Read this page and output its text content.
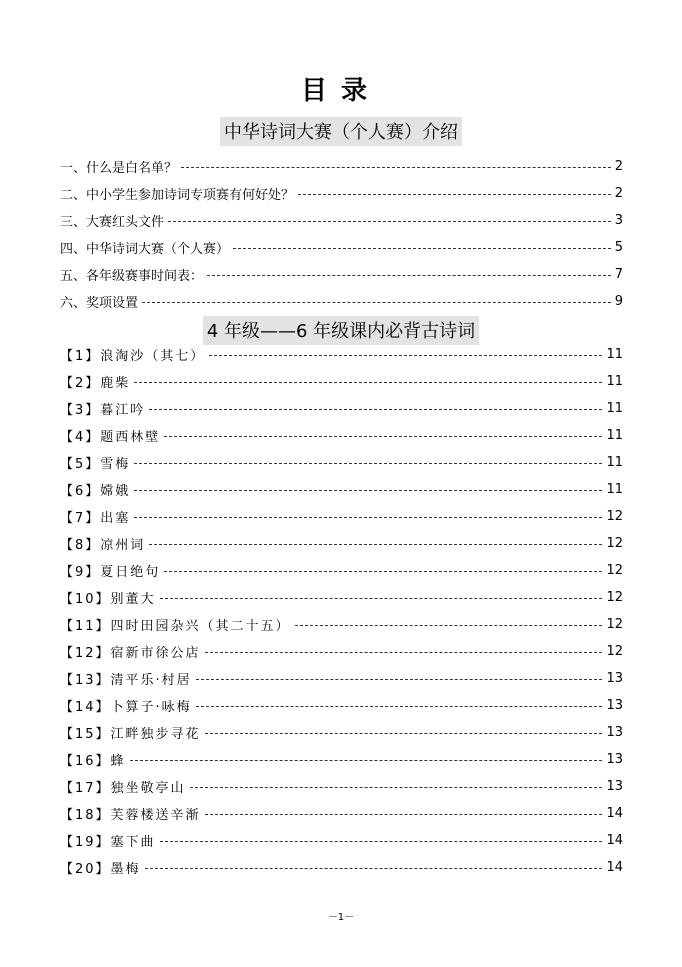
目录
中华诗词大赛（个人赛）介绍
一、什么是白名单？	2
二、中小学生参加诗词专项赛有何好处？	2
三、大赛红头文件	3
四、中华诗词大赛（个人赛）	5
五、各年级赛事时间表：	7
六、奖项设置	9
4 年级——6 年级课内必背古诗词
【1】浪淘沙（其七）	11
【2】鹿柴	11
【3】暮江吟	11
【4】题西林壁	11
【5】雪梅	11
【6】嫦娥	11
【7】出塞	12
【8】凉州词	12
【9】夏日绝句	12
【10】别董大	12
【11】四时田园杂兴（其二十五）	12
【12】宿新市徐公店	12
【13】清平乐·村居	13
【14】卜算子·咏梅	13
【15】江畔独步寻花	13
【16】蜂	13
【17】独坐敬亭山	13
【18】芙蓉楼送辛渐	14
【19】塞下曲	14
【20】墨梅	14
－1－
